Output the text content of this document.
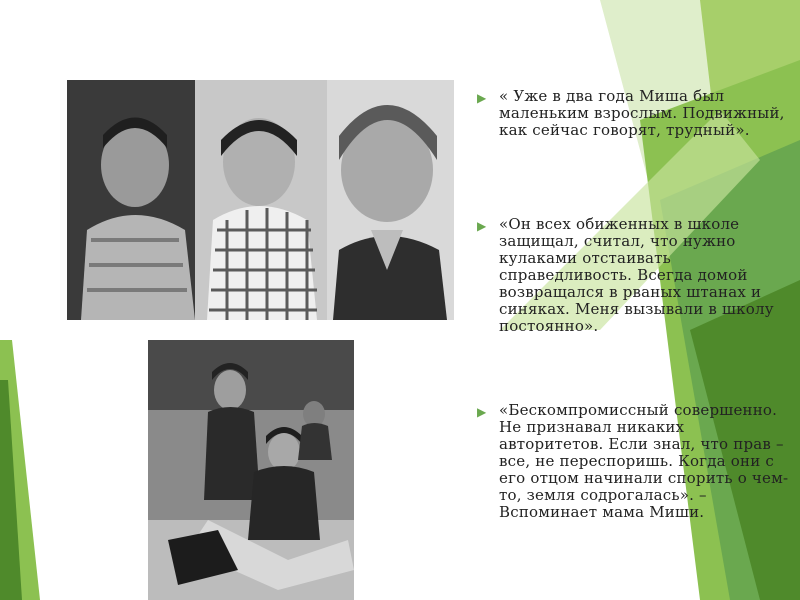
▶ « Уже в два года Миша был маленьким взрослым. Подвижный, как сейчас говорят, трудный».
▶ «Он всех обиженных в школе защищал, считал, что нужно кулаками отстаивать справедливость. Всегда домой возвращался в рваных штанах и синяках. Меня вызывали в школу постоянно».
▶ «Бескомпромиссный совершенно. Не признавал никаких авторитетов. Если знал, что прав – все, не переспоришь. Когда они с его отцом начинали спорить о чем-то, земля содрогалась». – Вспоминает мама Миши.
